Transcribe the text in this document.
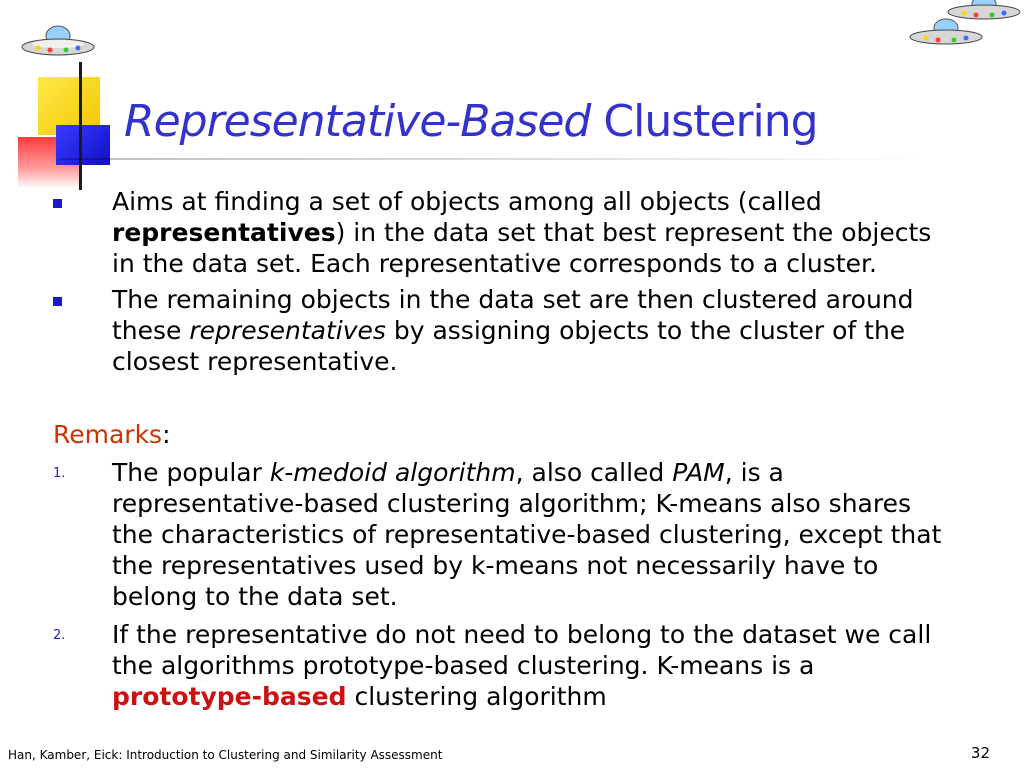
Representative-Based Clustering
Aims at finding a set of objects among all objects (called representatives) in the data set that best represent the objects in the data set. Each representative corresponds to a cluster.
The remaining objects in the data set are then clustered around these representatives by assigning objects to the cluster of the closest representative.
Remarks:
1. The popular k-medoid algorithm, also called PAM, is a representative-based clustering algorithm; K-means also shares the characteristics of representative-based clustering, except that the representatives used by k-means not necessarily have to belong to the data set.
2. If the representative do not need to belong to the dataset we call the algorithms prototype-based clustering. K-means is a prototype-based clustering algorithm
Han, Kamber, Eick: Introduction to Clustering and Similarity Assessment	32
